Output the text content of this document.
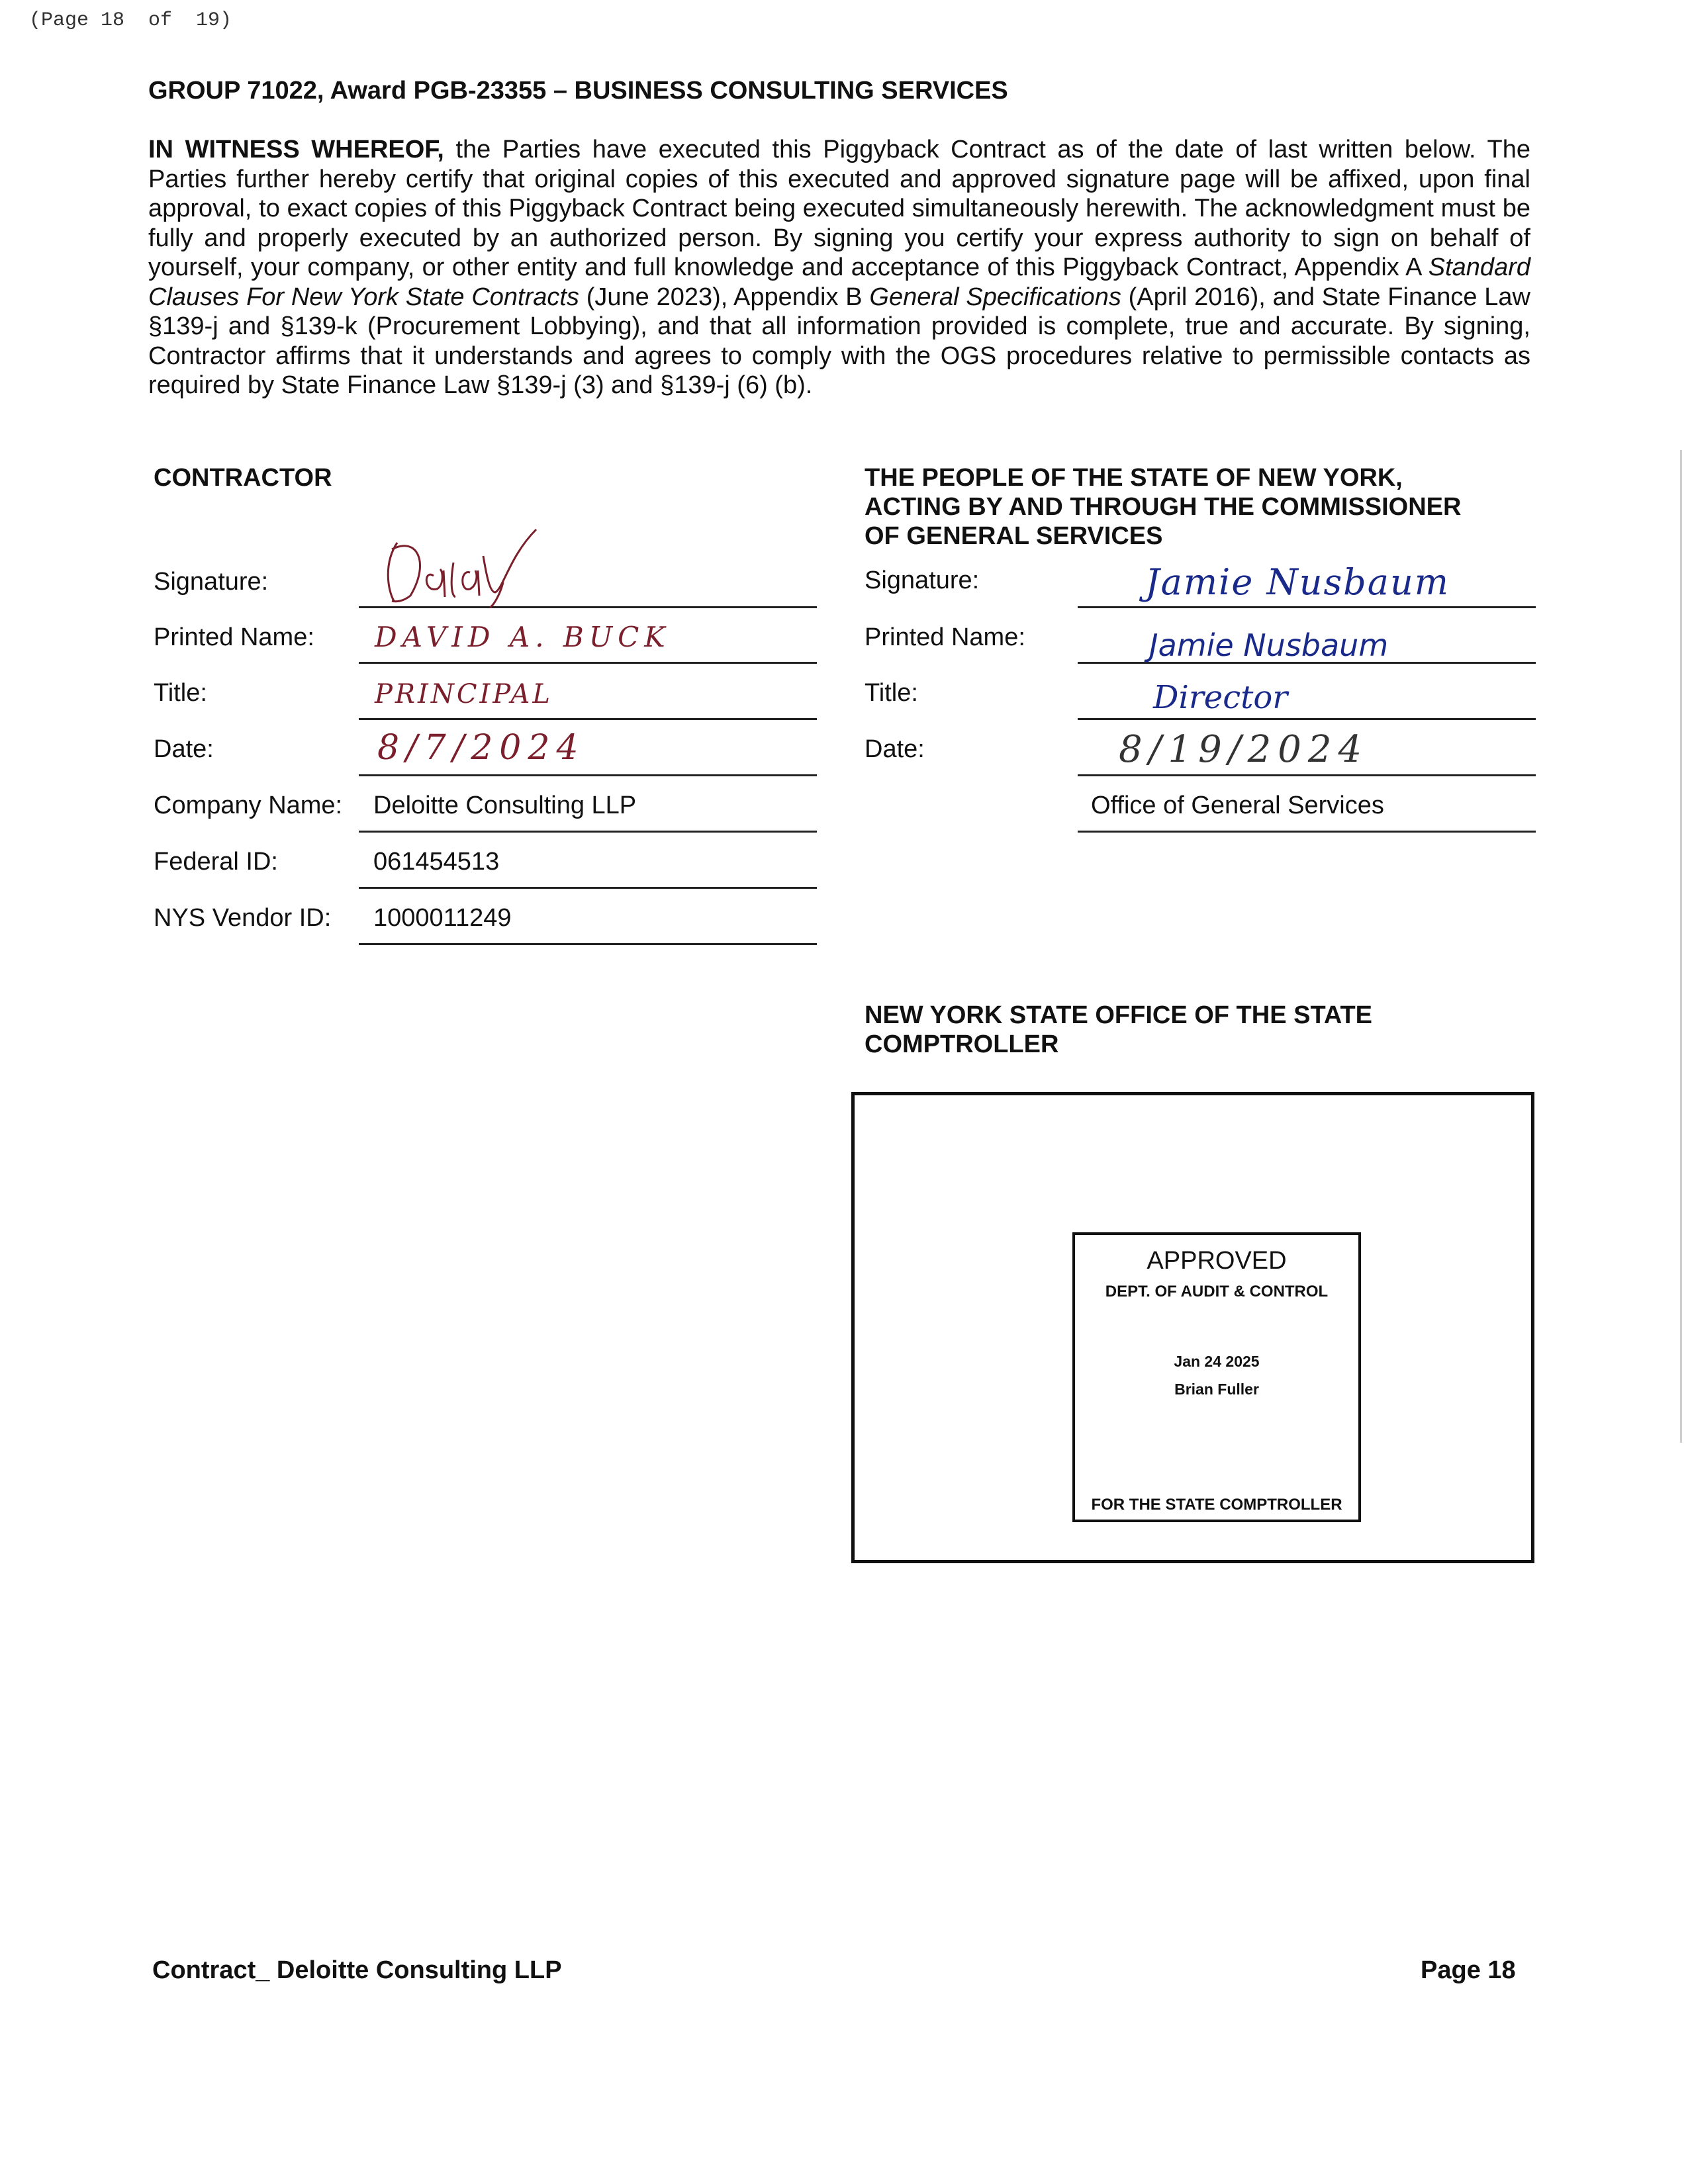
(Page 18  of  19)
GROUP 71022, Award PGB-23355 – BUSINESS CONSULTING SERVICES
IN WITNESS WHEREOF, the Parties have executed this Piggyback Contract as of the date of last written below. The Parties further hereby certify that original copies of this executed and approved signature page will be affixed, upon final approval, to exact copies of this Piggyback Contract being executed simultaneously herewith. The acknowledgment must be fully and properly executed by an authorized person. By signing you certify your express authority to sign on behalf of yourself, your company, or other entity and full knowledge and acceptance of this Piggyback Contract, Appendix A Standard Clauses For New York State Contracts (June 2023), Appendix B General Specifications (April 2016), and State Finance Law §139-j and §139-k (Procurement Lobbying), and that all information provided is complete, true and accurate. By signing, Contractor affirms that it understands and agrees to comply with the OGS procedures relative to permissible contacts as required by State Finance Law §139-j (3) and §139-j (6) (b).
CONTRACTOR
Signature:
Printed Name: DAVID A. BUCK
Title:	PRINCIPAL
Date:	8/7/2024
Company Name: Deloitte Consulting LLP
Federal ID:	061454513
NYS Vendor ID: 1000011249
THE PEOPLE OF THE STATE OF NEW YORK,
ACTING BY AND THROUGH THE COMMISSIONER
OF GENERAL SERVICES
Signature:	Jamie Nusbaum
Printed Name:	Jamie Nusbaum
Title:	Director
Date:	8/19/2024
Office of General Services
NEW YORK STATE OFFICE OF THE STATE
COMPTROLLER
APPROVED
DEPT. OF AUDIT & CONTROL
Jan 24 2025
Brian Fuller
FOR THE STATE COMPTROLLER
Contract_ Deloitte Consulting LLP	Page 18
